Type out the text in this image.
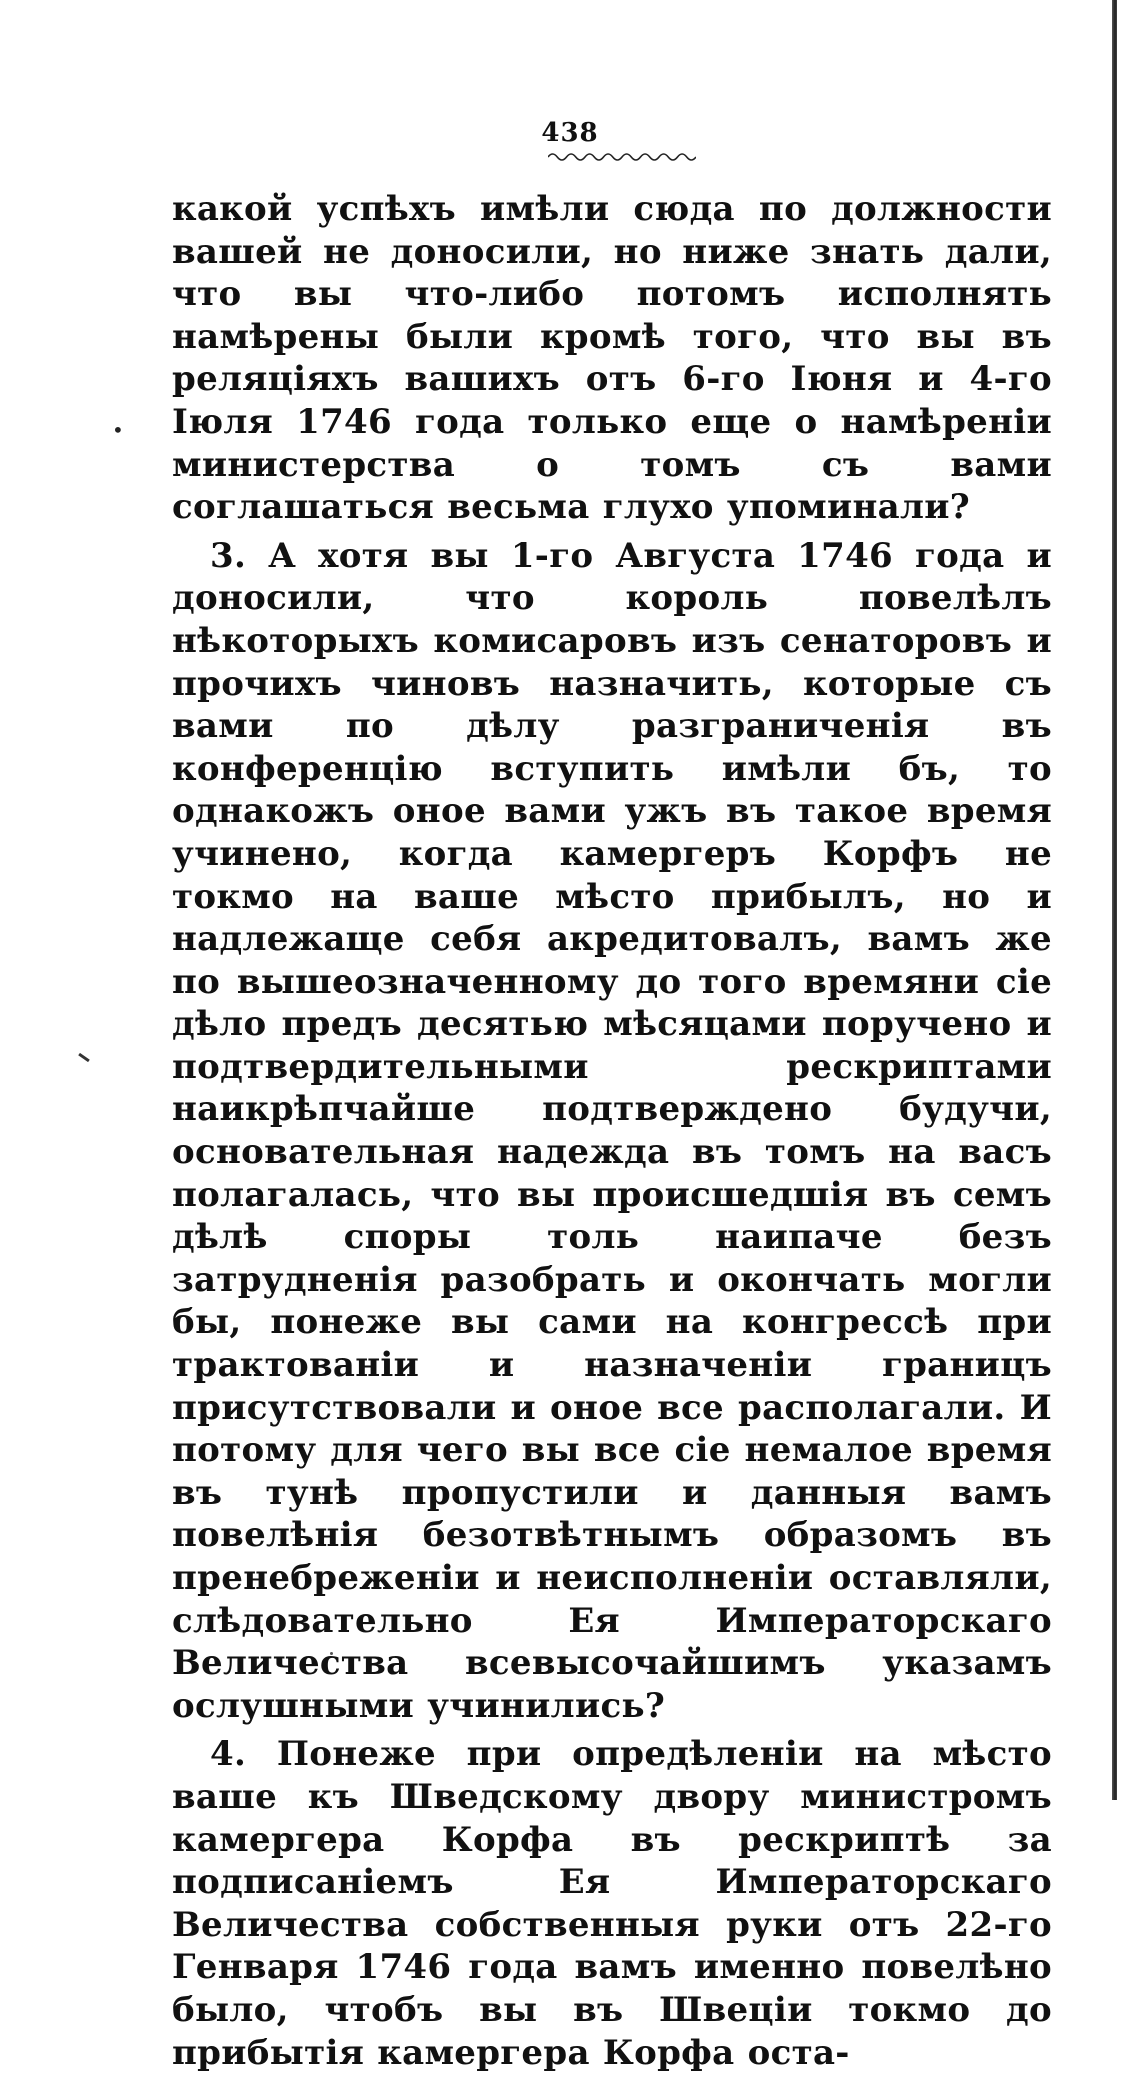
438
•

какой успѣхъ имѣли сюда по должности вашей не доносили, но ниже знать дали, что вы что-либо потомъ исполнять намѣрены были кромѣ того, что вы въ реляцiяхъ вашихъ отъ 6-го Iюня и 4-го Iюля 1746 года только еще о намѣренiи министерства о томъ съ вами соглашаться весьма глухо упоминали?

3. А хотя вы 1-го Августа 1746 года и доносили, что король повелѣлъ нѣкоторыхъ комисаровъ изъ сенаторовъ и прочихъ чиновъ назначить, которые съ вами по дѣлу разграниченiя въ конференцiю вступить имѣли бъ, то однакожъ оное вами ужъ въ такое время учинено, когда камергеръ Корфъ не токмо на ваше мѣсто прибылъ, но и надлежаще себя акредитовалъ, вамъ же по вышеозначенному до того времяни сiе дѣло предъ десятью мѣсяцами поручено и подтвердительными рескриптами наикрѣпчайше подтверждено будучи, основательная надежда въ томъ на васъ полагалась, что вы происшедшiя въ семъ дѣлѣ споры толь наипаче безъ затрудненiя разобрать и окончать могли бы, понеже вы сами на конгрессѣ при трактованiи и назначенiи границъ присутствовали и оное все располагали. И потому для чего вы все сiе немалое время въ тунѣ пропустили и данныя вамъ повелѣнiя безотвѣтнымъ образомъ въ пренебреженiи и неисполненiи оставляли, слѣдовательно Ея Императорскаго Величества всевысочайшимъ указамъ ослушными учинились?

4. Понеже при опредѣленiи на мѣсто ваше къ Шведскому двору министромъ камергера Корфа въ рескриптѣ за подписанiемъ Ея Императорскаго Величества собственныя руки отъ 22-го Генваря 1746 года вамъ именно повелѣно было, чтобъ вы въ Швецiи токмо до прибытiя камергера Корфа оста-
